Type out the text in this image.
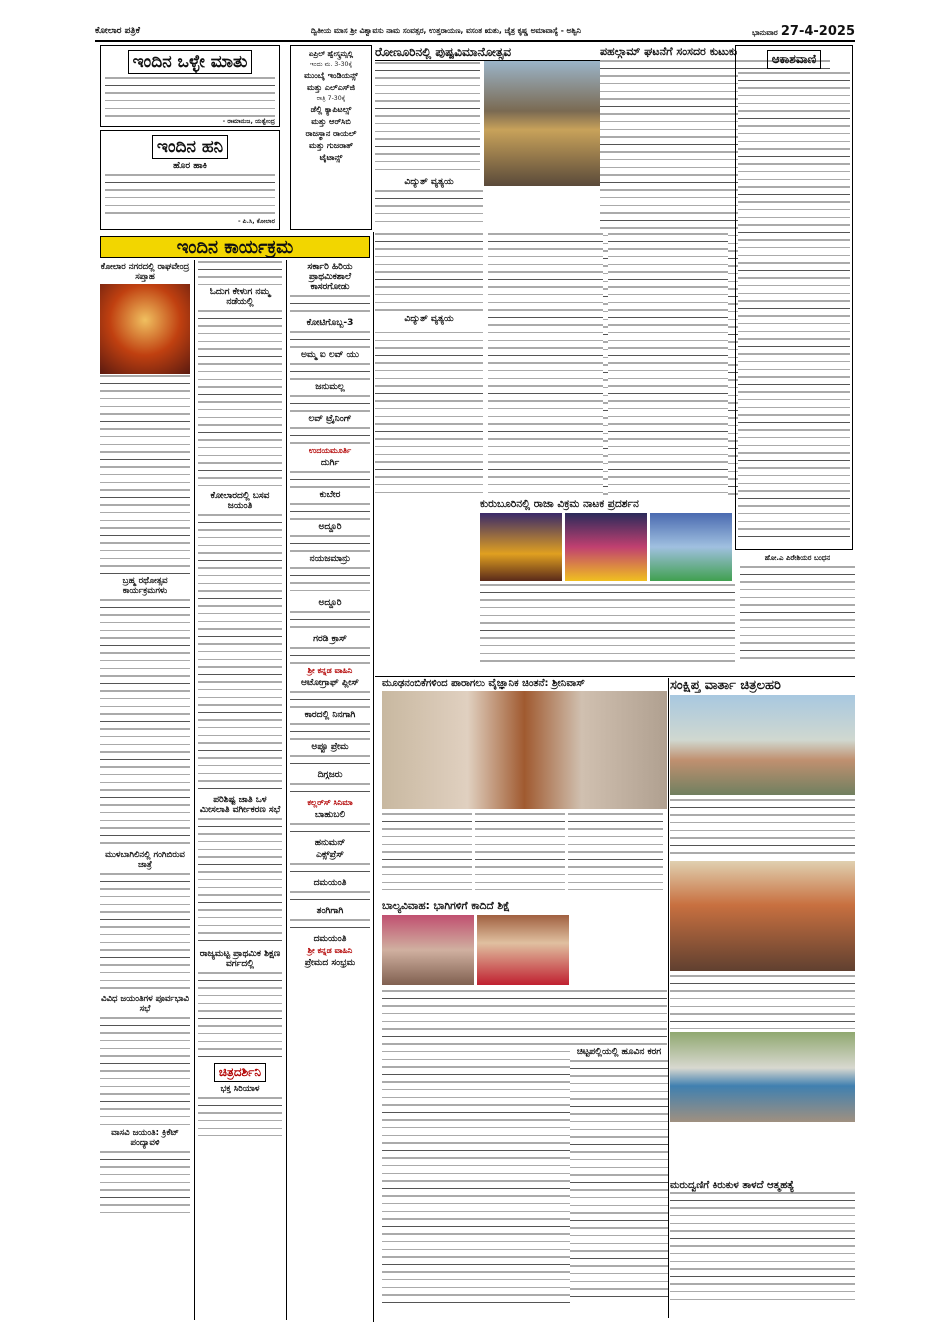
ಕೋಲಾರ ಪತ್ರಿಕೆ	ದ್ವಿತೀಯ ಮಾಸ ಶ್ರೀ ವಿಶ್ವಾವಸು ನಾಮ ಸಂವತ್ಸರ, ಉತ್ತರಾಯಣ, ವಸಂತ ಋತು, ಚೈತ್ರ ಕೃಷ್ಣ ಅಮಾವಾಸ್ಯೆ - ಅಶ್ವಿನಿ	ಭಾನುವಾರ 27-4-2025
ಇಂದಿನ ಒಳ್ಳೇ ಮಾತು
- ರಾಮಾನುಜ, ಯತ್ವೇಂದ್ರ
ಇಂದಿನ ಹನಿ
ಹೊರ ಹಾಕಿ
- ಪಿ.ಸಿ, ಕೋಲಾರ
ಏಪ್ರಿಲ್ ಹ್ವೇಸ್ಕ್ರಮ್ಸಲ್ಲಿ
ಇಂದು ಮ. 3-30ಕ್ಕೆ
ಮುಂಬೈ ಇಂಡಿಯನ್ಸ್
ಮತ್ತು ಎಲ್‌ಎಸ್‌ಜಿ
ರಾತ್ರಿ 7-30ಕ್ಕೆ
ಡೆಲ್ಲಿ ಕ್ಯಾಪಿಟಲ್ಸ್
ಮತ್ತು ಆರ್‌ಸಿಬಿ
ರಾಜಸ್ಥಾನ ರಾಯಲ್
ಮತ್ತು ಗುಜರಾತ್
ಟೈಟಾನ್ಸ್
ರೋಣೂರಿನಲ್ಲಿ ಪುಷ್ಪವಿಮಾನೋತ್ಸವ
ವಿದ್ಯುತ್ ವ್ಯತ್ಯಯ
ಪಹಲ್ಗಾಮ್ ಘಟನೆಗೆ ಸಂಸದರ ಕುಟುಕು
ಆಕಾಶವಾಣಿ
ವಿದ್ಯುತ್ ವ್ಯತ್ಯಯ
ಕುರುಬೂರಿನಲ್ಲಿ ರಾಜಾ ವಿಕ್ರಮ ನಾಟಕ ಪ್ರದರ್ಶನ
ಹೋ.ಎ ಪಿರೇಶಿಯರ ಬಂಧನ
ಇಂದಿನ ಕಾರ್ಯಕ್ರಮ
ಕೋಲಾರ ನಗರದಲ್ಲಿ ರಾಘವೇಂದ್ರ ಸಪ್ತಾಹ
ಬ್ರಹ್ಮ ರಥೋತ್ಸವ ಕಾರ್ಯಕ್ರಮಗಳು
ಮುಳಬಾಗಿಲಿನಲ್ಲಿ ಗಂಗಿಬಿರುವ ಜಾತ್ರೆ
ವಿವಿಧ ಜಯಂತಿಗಳ ಪೂರ್ವಭಾವಿ ಸಭೆ
ವಾಸವಿ ಜಯಂತಿ: ಕ್ರಿಕೆಟ್ ಪಂದ್ಯಾವಳಿ
ಓದುಗ ಕೇಳುಗ ನಮ್ಮ ನಡೆಯಲ್ಲಿ
ಕೋಲಾರದಲ್ಲಿ ಬಸವ ಜಯಂತಿ
ಪರಿಶಿಷ್ಟ ಜಾತಿ ಒಳ ಮೀಸಲಾತಿ ವರ್ಗೀಕರಣ ಸಭೆ
ರಾಜ್ಯಮಟ್ಟ ಪ್ರಾಥಮಿಕ ಶಿಕ್ಷಣ ವರ್ಗದಲ್ಲಿ
ಚಿತ್ರದರ್ಶಿನಿ
ಭಕ್ತ ಸಿರಿಯಾಳ
ಸರ್ಕಾರಿ ಹಿರಿಯ ಪ್ರಾಥಮಿಕಶಾಲೆ ಕಾಸರಗೋಡು
ಕೋಟಿಗೊಬ್ಬ-3
ಅಮ್ಮ ಐ ಲವ್ ಯು
ಜನುಮಲ್ಲ
ಲವ್ ಟ್ರೈನಿಂಗ್
ಉದಯಮೂರ್ತಿ
ದುರ್ಗಿ
ಕುಬೇರ
ಅದ್ದೂರಿ
ನಯಜಮಾನ್ರು
ಅದ್ದೂರಿ
ಗರಡಿ ಕ್ರಾಸ್
ಶ್ರೀ ಕನ್ನಡ ವಾಹಿನಿ
ಆಟೋಗ್ರಾಫ್ ಪ್ಲೀಸ್
ಕಾರದಲ್ಲಿ ನಿನಗಾಗಿ
ಅಪ್ಪೂ ಪ್ರೇಮ
ದಿಗ್ಗಜರು
ಕಲ್ಲರ್‌ಸ್ ಸಿನಿಮಾ
ಬಾಹುಬಲಿ
ಹನುಮನ್
ಎಕ್ಸ್‌ಪ್ರೆಸ್
ದಮಯಂತಿ
ತಂಗಿಗಾಗಿ
ದಮಯಂತಿ
ಶ್ರೀ ಕನ್ನಡ ವಾಹಿನಿ
ಪ್ರೇಮದ ಸಂಭ್ರಮ
ಮೂಢನಂಬಿಕೆಗಳಿಂದ ಪಾರಾಗಲು ವೈಜ್ಞಾನಿಕ ಚಿಂತನೆ: ಶ್ರೀನಿವಾಸ್	ಸಂಕ್ಷಿಪ್ತ ವಾರ್ತಾ ಚಿತ್ರಲಹರಿ
ಬಾಲ್ಯವಿವಾಹ: ಭಾಗಿಗಳಿಗೆ ಕಾದಿದೆ ಶಿಕ್ಷೆ
ಚಿಟ್ಟಪಲ್ಲಿಯಲ್ಲಿ ಹೂವಿನ ಕರಗ
ಮರುದ್ವಣಿಗೆ ಕಿರುಕುಳ ತಾಳದೆ ಆತ್ಮಹತ್ಯೆ
